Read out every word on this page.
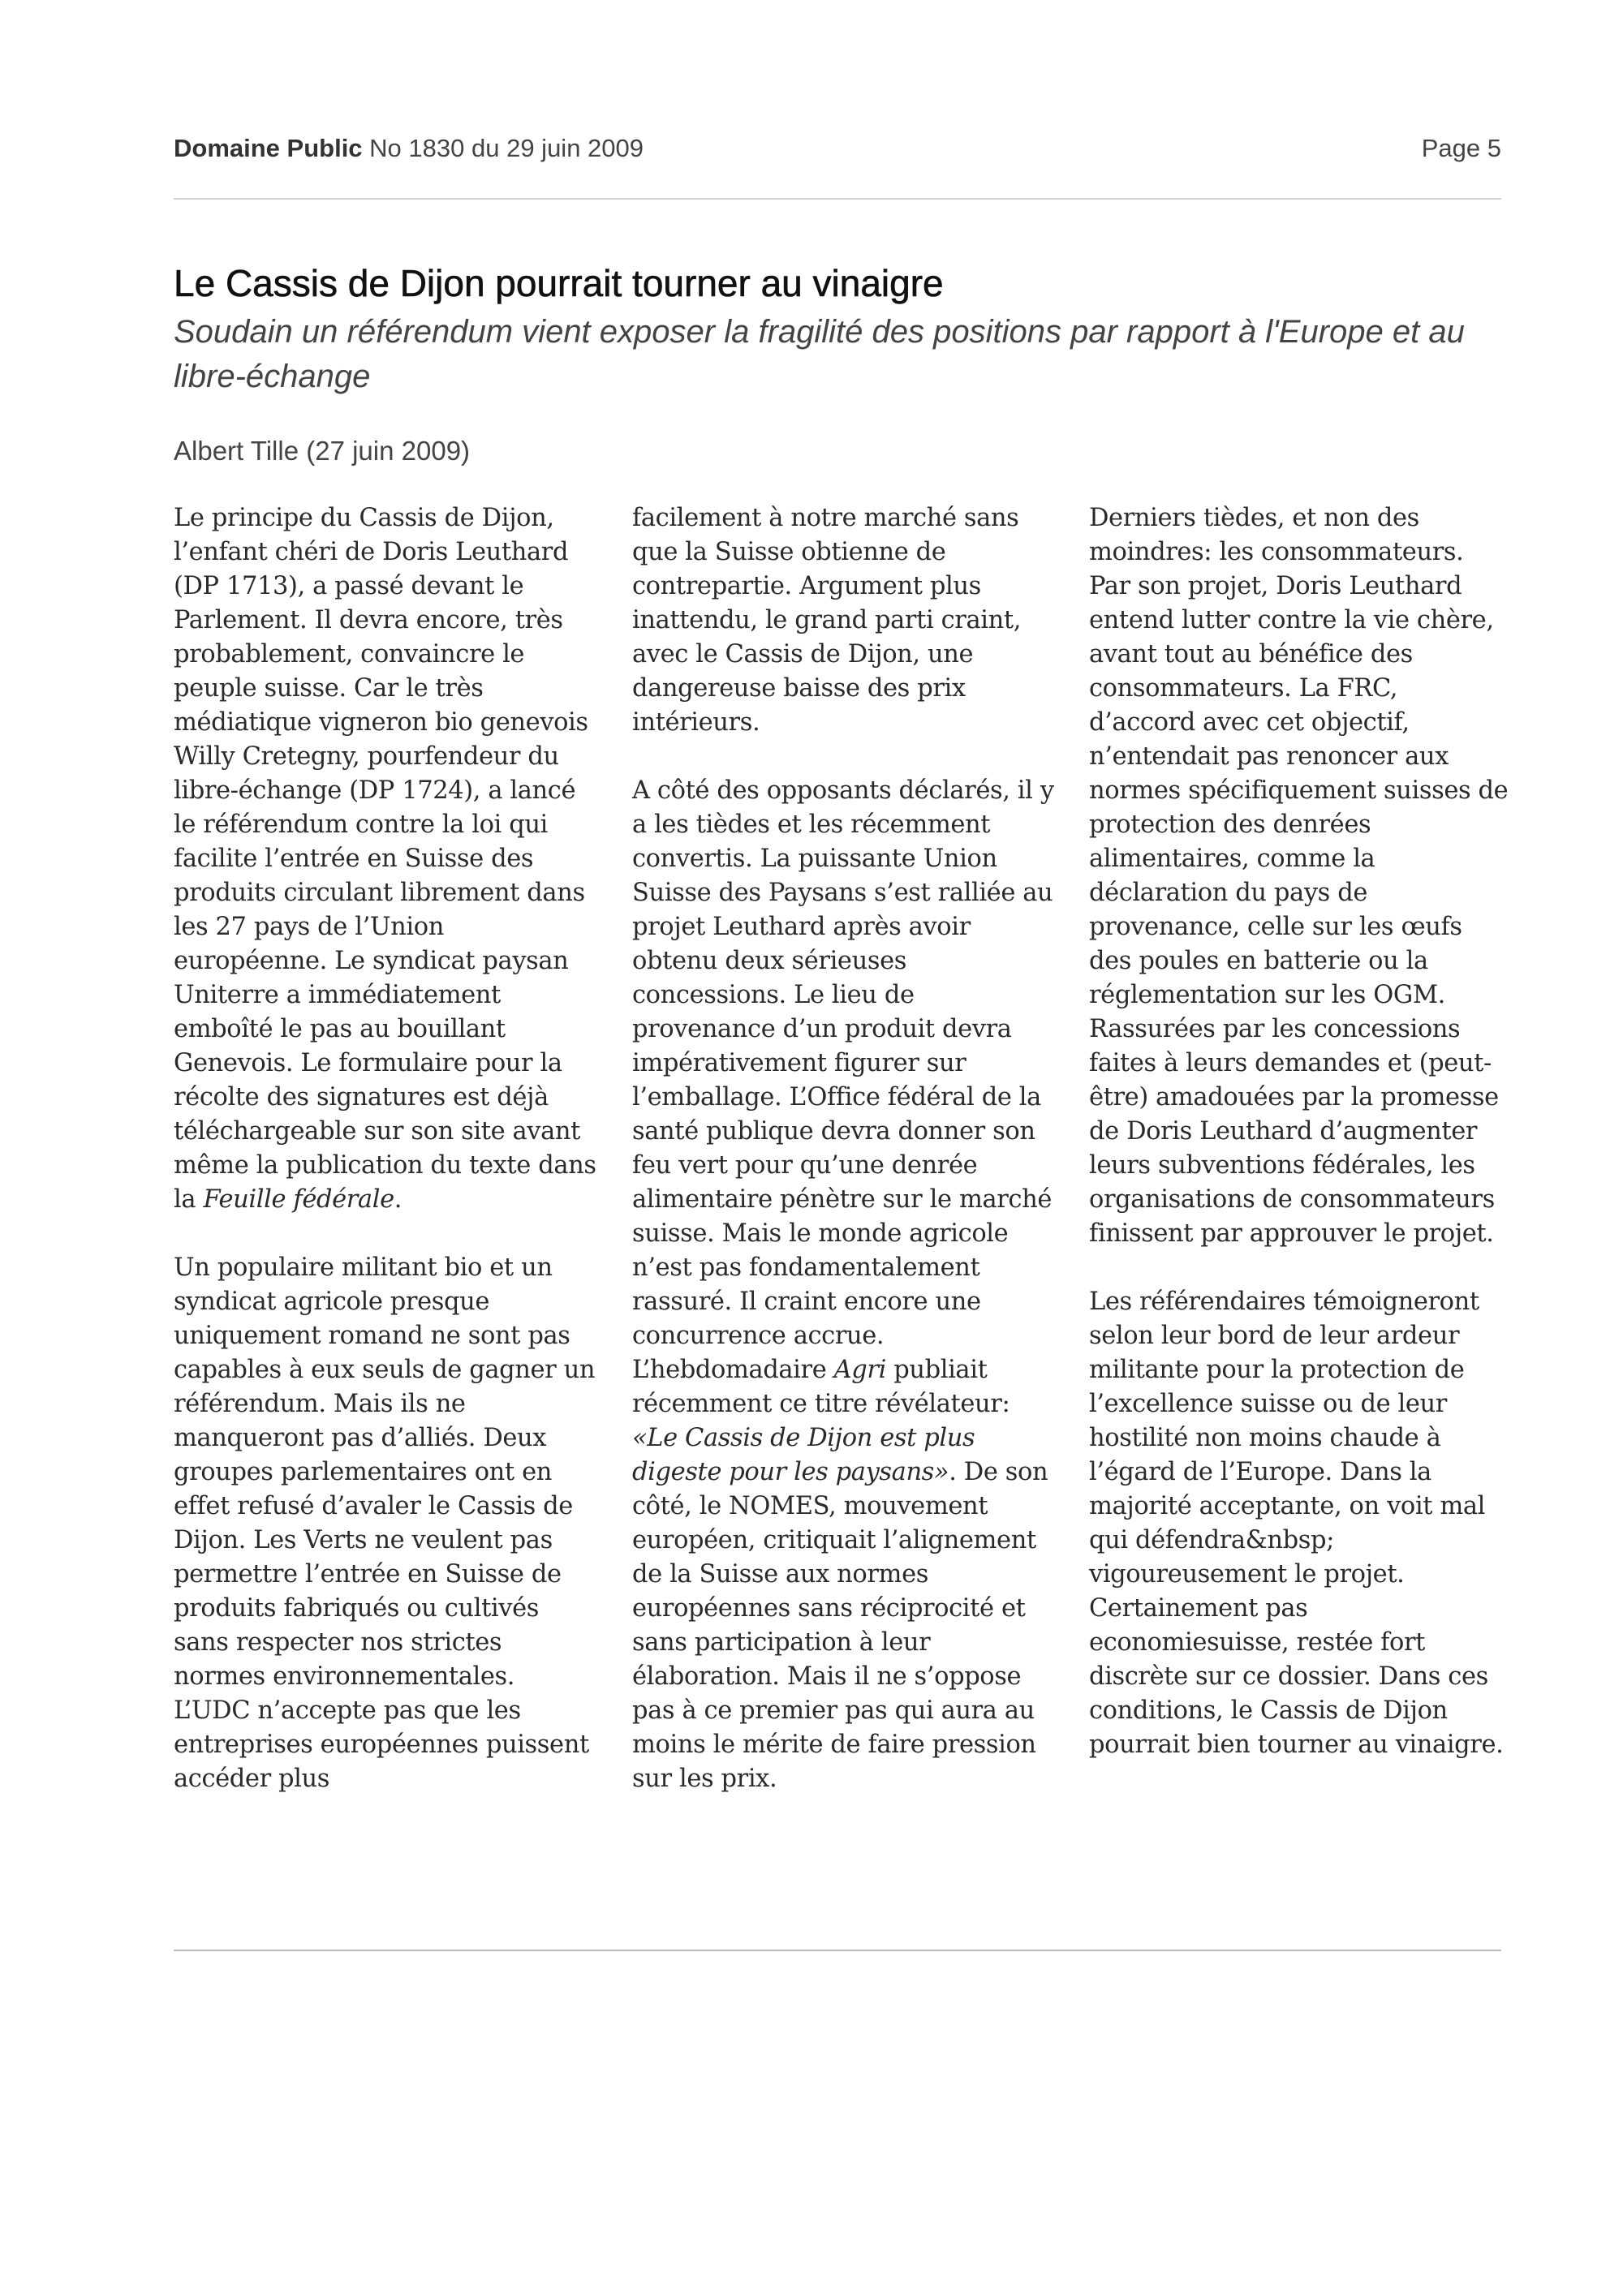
Domaine Public No 1830 du 29 juin 2009	Page 5
Le Cassis de Dijon pourrait tourner au vinaigre
Soudain un référendum vient exposer la fragilité des positions par rapport à l'Europe et au libre-échange
Albert Tille (27 juin 2009)

Le principe du Cassis de Dijon, l’enfant chéri de Doris Leuthard (DP 1713), a passé devant le Parlement. Il devra encore, très probablement, convaincre le peuple suisse. Car le très médiatique vigneron bio genevois Willy Cretegny, pourfendeur du libre-échange (DP 1724), a lancé le référendum contre la loi qui facilite l’entrée en Suisse des produits circulant librement dans les 27 pays de l’Union européenne. Le syndicat paysan Uniterre a immédiatement emboîté le pas au bouillant Genevois. Le formulaire pour la récolte des signatures est déjà téléchargeable sur son site avant même la publication du texte dans la Feuille fédérale.

Un populaire militant bio et un syndicat agricole presque uniquement romand ne sont pas capables à eux seuls de gagner un référendum. Mais ils ne manqueront pas d’alliés. Deux groupes parlementaires ont en effet refusé d’avaler le Cassis de Dijon. Les Verts ne veulent pas permettre l’entrée en Suisse de produits fabriqués ou cultivés sans respecter nos strictes normes environnementales. L’UDC n’accepte pas que les entreprises européennes puissent accéder plus

facilement à notre marché sans que la Suisse obtienne de contrepartie. Argument plus inattendu, le grand parti craint, avec le Cassis de Dijon, une dangereuse baisse des prix intérieurs.

A côté des opposants déclarés, il y a les tièdes et les récemment convertis. La puissante Union Suisse des Paysans s’est ralliée au projet Leuthard après avoir obtenu deux sérieuses concessions. Le lieu de provenance d’un produit devra impérativement figurer sur l’emballage. L’Office fédéral de la santé publique devra donner son feu vert pour qu’une denrée alimentaire pénètre sur le marché suisse. Mais le monde agricole n’est pas fondamentalement rassuré. Il craint encore une concurrence accrue. L’hebdomadaire Agri publiait récemment ce titre révélateur: «Le Cassis de Dijon est plus digeste pour les paysans». De son côté, le NOMES, mouvement européen, critiquait l’alignement de la Suisse aux normes européennes sans réciprocité et sans participation à leur élaboration. Mais il ne s’oppose pas à ce premier pas qui aura au moins le mérite de faire pression sur les prix.

Derniers tièdes, et non des moindres: les consommateurs. Par son projet, Doris Leuthard entend lutter contre la vie chère, avant tout au bénéfice des consommateurs. La FRC, d’accord avec cet objectif, n’entendait pas renoncer aux normes spécifiquement suisses de protection des denrées alimentaires, comme la déclaration du pays de provenance, celle sur les œufs des poules en batterie ou la réglementation sur les OGM. Rassurées par les concessions faites à leurs demandes et (peut-être) amadouées par la promesse de Doris Leuthard d’augmenter leurs subventions fédérales, les organisations de consommateurs finissent par approuver le projet.

Les référendaires témoigneront selon leur bord de leur ardeur militante pour la protection de l’excellence suisse ou de leur hostilité non moins chaude à l’égard de l’Europe. Dans la majorité acceptante, on voit mal qui défendra&nbsp; vigoureusement le projet. Certainement pas economiesuisse, restée fort discrète sur ce dossier. Dans ces conditions, le Cassis de Dijon pourrait bien tourner au vinaigre.
